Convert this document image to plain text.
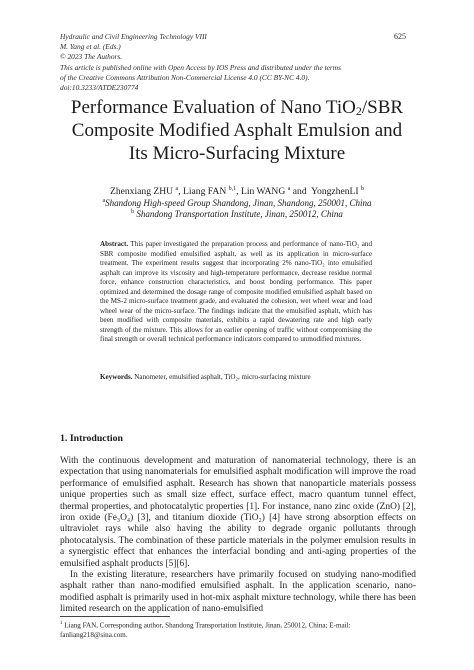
Hydraulic and Civil Engineering Technology VIII
M. Yang et al. (Eds.)
© 2023 The Authors.
This article is published online with Open Access by IOS Press and distributed under the terms
of the Creative Commons Attribution Non-Commercial License 4.0 (CC BY-NC 4.0).
doi:10.3233/ATDE230774
625
Performance Evaluation of Nano TiO$_2$/SBR
Composite Modified Asphalt Emulsion and
Its Micro-Surfacing Mixture
Zhenxiang ZHU $^a$, Liang FAN $^{b,1}$, Lin WANG $^a$ and  YongzhenLI $^b$
$^a$Shandong High-speed Group Shandong, Jinan, Shandong, 250001, China
$^b$ Shandong Transportation Institute, Jinan, 250012, China
Abstract. This paper investigated the preparation process and performance of nano-TiO₂ and SBR composite modified emulsified asphalt, as well as its application in micro-surface treatment. The experiment results suggest that incorporating 2% nano-TiO₂ into emulsified asphalt can improve its viscosity and high-temperature performance, decrease residue normal force, enhance construction characteristics, and boost bonding performance. This paper optimized and determined the dosage range of composite modified emulsified asphalt based on the MS-2 micro-surface treatment grade, and evaluated the cohesion, wet wheel wear and load wheel wear of the micro-surface. The findings indicate that the emulsified asphalt, which has been modified with composite materials, exhibits a rapid dewatering rate and high early strength of the mixture. This allows for an earlier opening of traffic without compromising the final strength or overall technical performance indicators compared to unmodified mixtures.
Keywords. Nanometer, emulsified asphalt, TiO₂, micro-surfacing mixture
1. Introduction

With the continuous development and maturation of nanomaterial technology, there is an expectation that using nanomaterials for emulsified asphalt modification will improve the road performance of emulsified asphalt. Research has shown that nanoparticle materials possess unique properties such as small size effect, surface effect, macro quantum tunnel effect, thermal properties, and photocatalytic properties [1]. For instance, nano zinc oxide (ZnO) [2], iron oxide (Fe₃O₄) [3], and titanium dioxide (TiO₂) [4] have strong absorption effects on ultraviolet rays while also having the ability to degrade organic pollutants through photocatalysis. The combination of these particle materials in the polymer emulsion results in a synergistic effect that enhances the interfacial bonding and anti-aging properties of the emulsified asphalt products [5][6].

In the existing literature, researchers have primarily focused on studying nano-modified asphalt rather than nano-modified emulsified asphalt. In the application scenario, nano-modified asphalt is primarily used in hot-mix asphalt mixture technology, while there has been limited research on the application of nano-emulsified

$^1$ Liang FAN, Corresponding author, Shandong Transportation Institute, Jinan, 250012, China; E-mail: fanliang218@sina.com.
